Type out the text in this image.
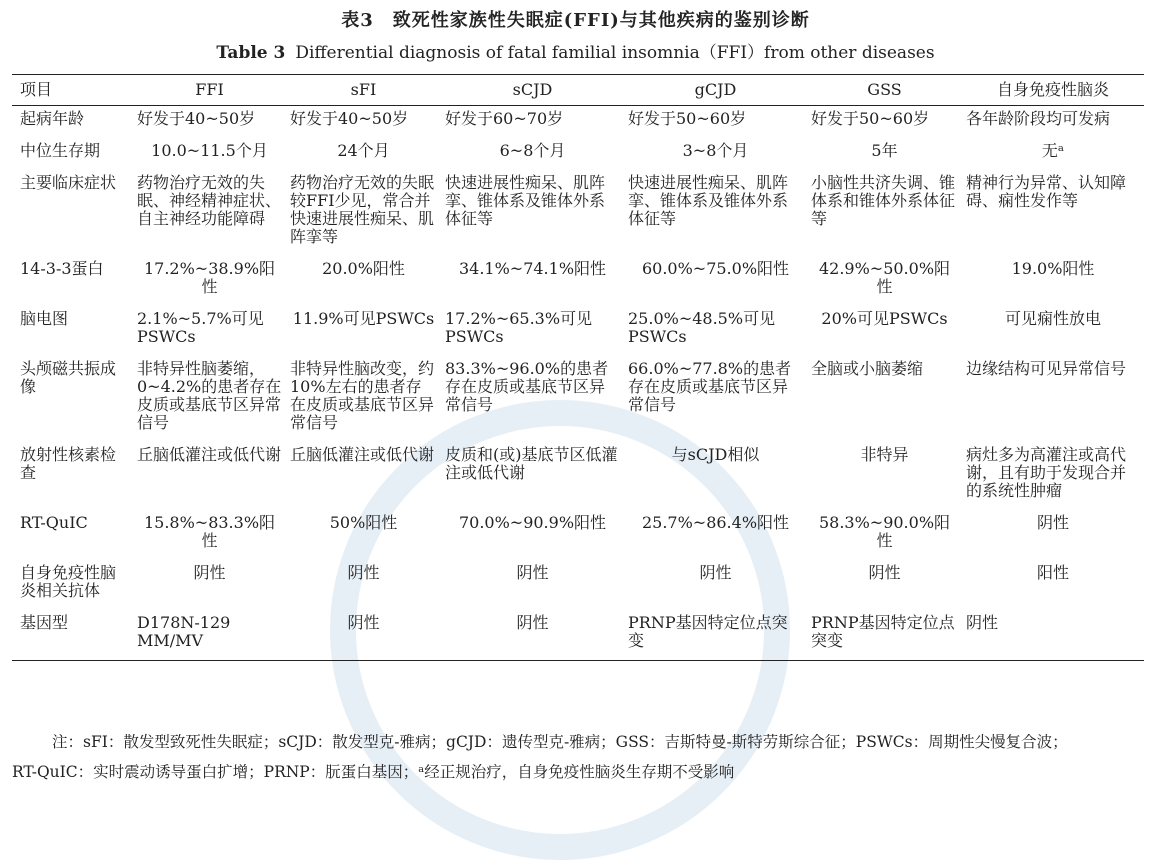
表3　致死性家族性失眠症(FFI)与其他疾病的鉴别诊断
Table 3 Differential diagnosis of fatal familial insomnia（FFI）from other diseases
项目	FFI	sFI	sCJD	gCJD	GSS	自身免疫性脑炎
起病年龄	好发于40~50岁	好发于40~50岁	好发于60~70岁	好发于50~60岁	好发于50~60岁	各年龄阶段均可发病
中位生存期	10.0~11.5个月	24个月	6~8个月	3~8个月	5年	无ᵃ
主要临床症状	药物治疗无效的失眠、神经精神症状、自主神经功能障碍	药物治疗无效的失眠较FFI少见，常合并快速进展性痴呆、肌阵挛等	快速进展性痴呆、肌阵挛、锥体系及锥体外系体征等	快速进展性痴呆、肌阵挛、锥体系及锥体外系体征等	小脑性共济失调、锥体系和锥体外系体征等	精神行为异常、认知障碍、痫性发作等
14-3-3蛋白	17.2%~38.9%阳性	20.0%阳性	34.1%~74.1%阳性	60.0%~75.0%阳性	42.9%~50.0%阳性	19.0%阳性
脑电图	2.1%~5.7%可见PSWCs	11.9%可见PSWCs	17.2%~65.3%可见PSWCs	25.0%~48.5%可见PSWCs	20%可见PSWCs	可见痫性放电
头颅磁共振成像	非特异性脑萎缩，0~4.2%的患者存在皮质或基底节区异常信号	非特异性脑改变，约10%左右的患者存在皮质或基底节区异常信号	83.3%~96.0%的患者存在皮质或基底节区异常信号	66.0%~77.8%的患者存在皮质或基底节区异常信号	全脑或小脑萎缩	边缘结构可见异常信号
放射性核素检查	丘脑低灌注或低代谢	丘脑低灌注或低代谢	皮质和(或)基底节区低灌注或低代谢	与sCJD相似	非特异	病灶多为高灌注或高代谢，且有助于发现合并的系统性肿瘤
RT-QuIC	15.8%~83.3%阳性	50%阳性	70.0%~90.9%阳性	25.7%~86.4%阳性	58.3%~90.0%阳性	阴性
自身免疫性脑炎相关抗体	阴性	阴性	阴性	阴性	阴性	阳性
基因型	D178N-129 MM/MV	阴性	阴性	PRNP基因特定位点突变	PRNP基因特定位点突变	阴性
注：sFI：散发型致死性失眠症；sCJD：散发型克-雅病；gCJD：遗传型克-雅病；GSS：吉斯特曼-斯特劳斯综合征；PSWCs：周期性尖慢复合波；
RT-QuIC：实时震动诱导蛋白扩增；PRNP：朊蛋白基因；ᵃ经正规治疗，自身免疫性脑炎生存期不受影响
